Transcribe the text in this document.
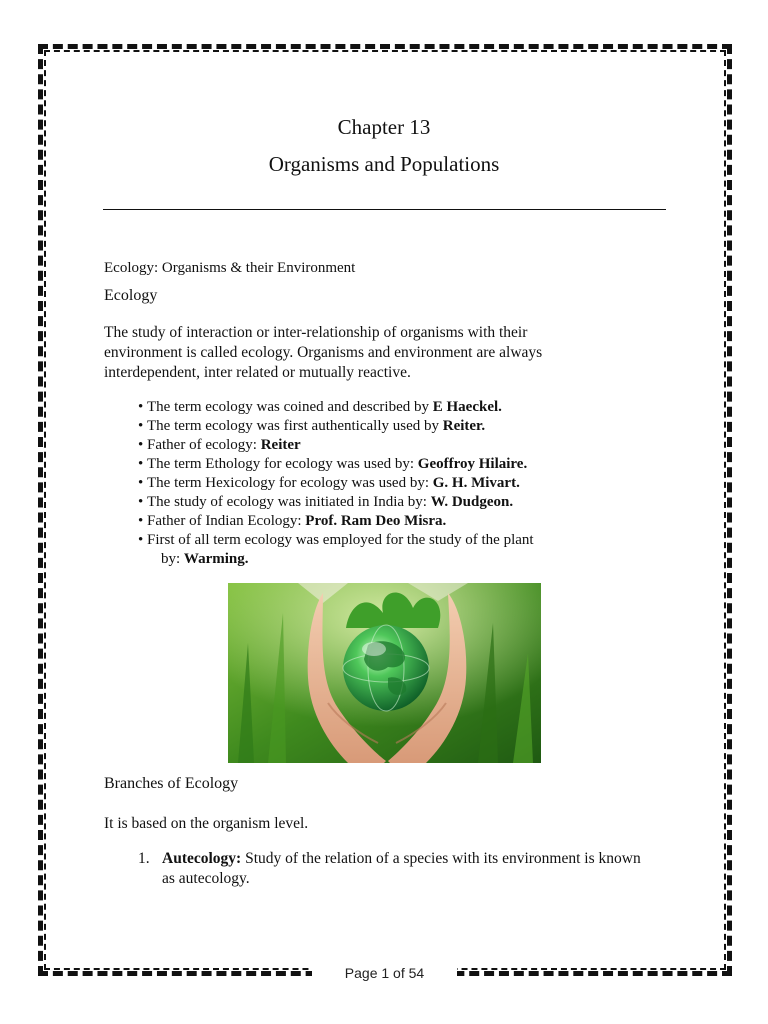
Chapter 13
Organisms and Populations
Ecology: Organisms & their Environment
Ecology
The study of interaction or inter-relationship of organisms with their environment is called ecology. Organisms and environment are always interdependent, inter related or mutually reactive.
• The term ecology was coined and described by E Haeckel.
• The term ecology was first authentically used by Reiter.
• Father of ecology: Reiter
• The term Ethology for ecology was used by: Geoffroy Hilaire.
• The term Hexicology for ecology was used by: G. H. Mivart.
• The study of ecology was initiated in India by: W. Dudgeon.
• Father of Indian Ecology: Prof. Ram Deo Misra.
• First of all term ecology was employed for the study of the plant
by: Warming.
Branches of Ecology
It is based on the organism level.
1. Autecology: Study of the relation of a species with its environment is known as autecology.
Page 1 of 54
